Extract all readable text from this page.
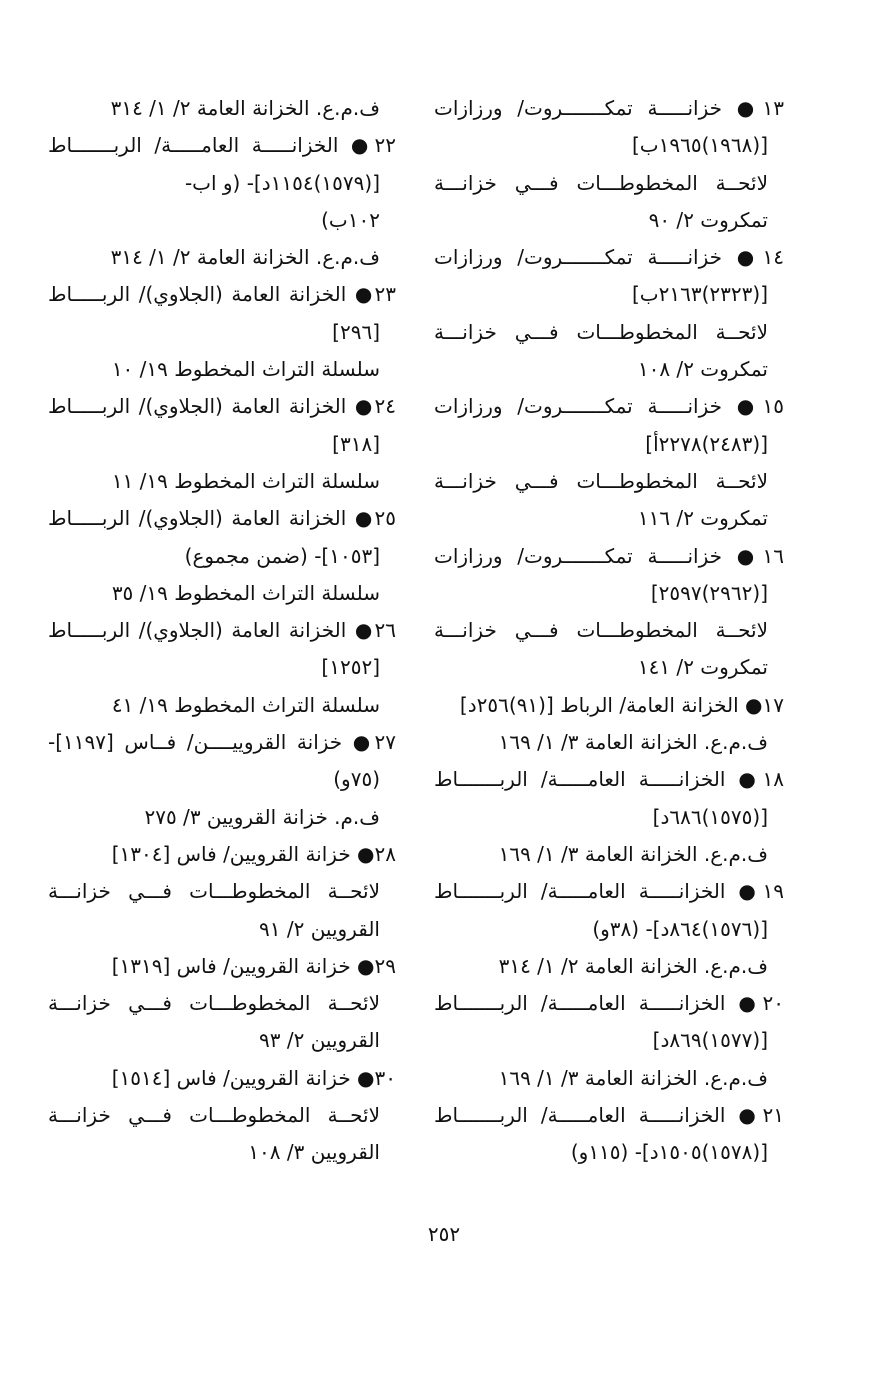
١٣● خزانـــــة تمكـــــــروت/ ورزازات
[(١٩٦٨)١٩٦٥ب]
لائحــة المخطوطـــات فـــي خزانـــة
تمكروت ٢/ ٩٠
١٤● خزانـــــة تمكـــــــروت/ ورزازات
[(٢٣٢٣)٢١٦٣ب]
لائحــة المخطوطـــات فـــي خزانـــة
تمكروت ٢/ ١٠٨
١٥● خزانـــــة تمكـــــــروت/ ورزازات
[(٢٤٨٣)٢٢٧٨أ]
لائحــة المخطوطـــات فـــي خزانـــة
تمكروت ٢/ ١١٦
١٦● خزانـــــة تمكـــــــروت/ ورزازات
[(٢٩٦٢)٢٥٩٧]
لائحــة المخطوطـــات فـــي خزانـــة
تمكروت ٢/ ١٤١
١٧● الخزانة العامة/ الرباط [(٩١)٢٥٦د]
ف.م.ع. الخزانة العامة ٣/ ١/ ١٦٩
١٨● الخزانـــــة العامـــــة/ الربـــــــاط
[(١٥٧٥)٦٨٦د]
ف.م.ع. الخزانة العامة ٣/ ١/ ١٦٩
١٩● الخزانـــــة العامـــــة/ الربـــــــاط
[(١٥٧٦)٨٦٤د]- (٣٨و)
ف.م.ع. الخزانة العامة ٢/ ١/ ٣١٤
٢٠● الخزانـــــة العامـــــة/ الربـــــــاط
[(١٥٧٧)٨٦٩د]
ف.م.ع. الخزانة العامة ٣/ ١/ ١٦٩
٢١● الخزانـــــة العامـــــة/ الربـــــــاط
[(١٥٧٨)١٥٠٥د]- (١١٥و)
ف.م.ع. الخزانة العامة ٢/ ١/ ٣١٤
٢٢● الخزانـــــة العامـــــة/ الربـــــــاط
[(١٥٧٩)١١٥٤د]- (و اب-
١٠٢ب)
ف.م.ع. الخزانة العامة ٢/ ١/ ٣١٤
٢٣● الخزانة العامة (الجلاوي)/ الربـــــاط
[٢٩٦]
سلسلة التراث المخطوط ١٩/ ١٠
٢٤● الخزانة العامة (الجلاوي)/ الربـــــاط
[٣١٨]
سلسلة التراث المخطوط ١٩/ ١١
٢٥● الخزانة العامة (الجلاوي)/ الربـــــاط
[١٠٥٣]- (ضمن مجموع)
سلسلة التراث المخطوط ١٩/ ٣٥
٢٦● الخزانة العامة (الجلاوي)/ الربـــــاط
[١٢٥٢]
سلسلة التراث المخطوط ١٩/ ٤١
٢٧● خزانة القروييــــن/ فــاس [١١٩٧]-
(٧٥و)
ف.م. خزانة القرويين ٣/ ٢٧٥
٢٨● خزانة القرويين/ فاس [١٣٠٤]
لائحــة المخطوطـــات فـــي خزانـــة
القرويين ٢/ ٩١
٢٩● خزانة القرويين/ فاس [١٣١٩]
لائحــة المخطوطـــات فـــي خزانـــة
القرويين ٢/ ٩٣
٣٠● خزانة القرويين/ فاس [١٥١٤]
لائحــة المخطوطـــات فـــي خزانـــة
القرويين ٣/ ١٠٨
٢٥٢
